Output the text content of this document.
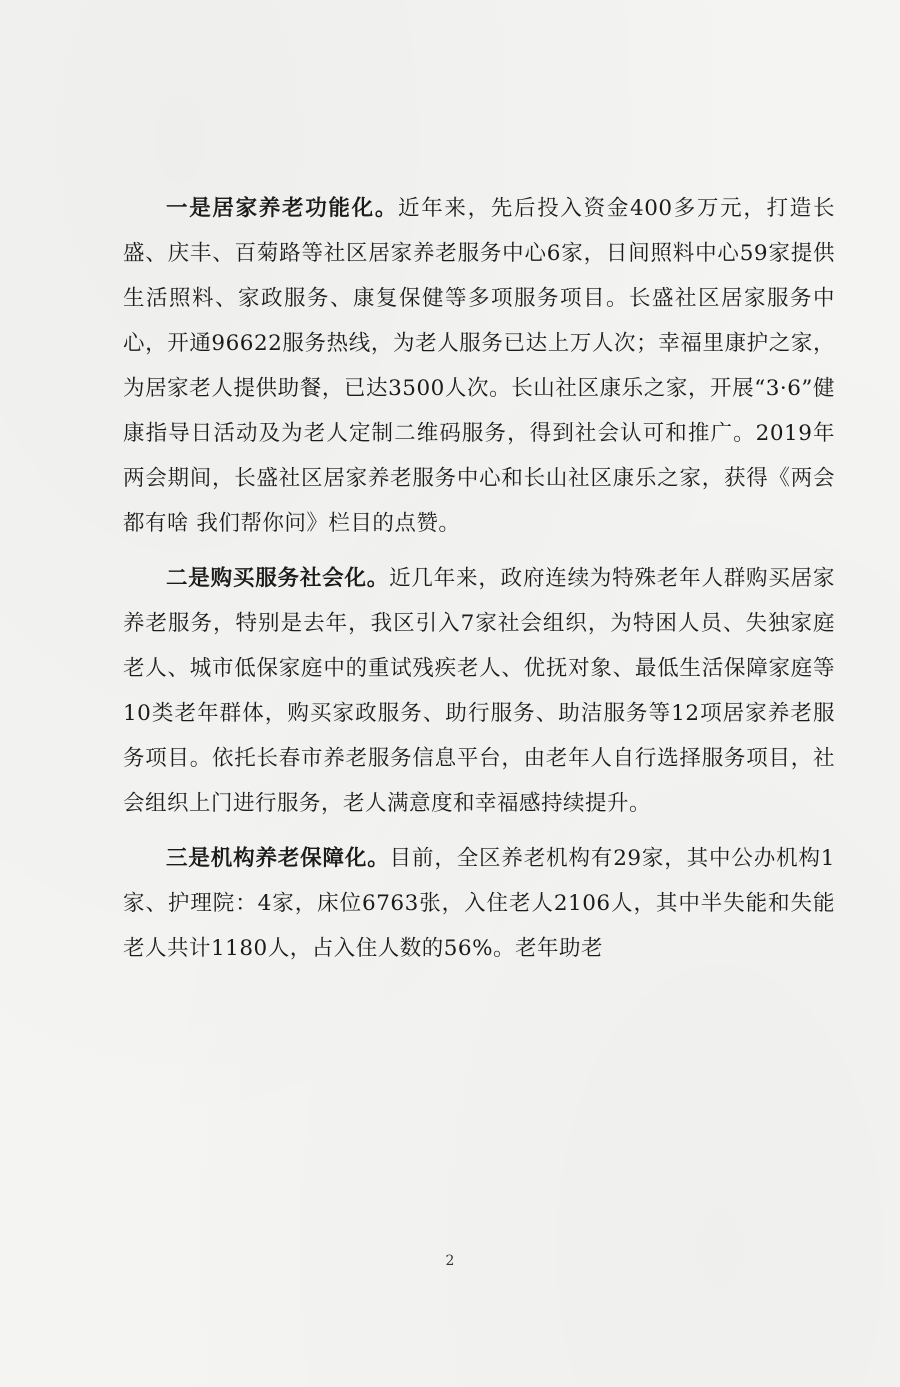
一是居家养老功能化。近年来，先后投入资金400多万元，打造长盛、庆丰、百菊路等社区居家养老服务中心6家，日间照料中心59家提供生活照料、家政服务、康复保健等多项服务项目。长盛社区居家服务中心，开通96622服务热线，为老人服务已达上万人次；幸福里康护之家，为居家老人提供助餐，已达3500人次。长山社区康乐之家，开展“3·6”健康指导日活动及为老人定制二维码服务，得到社会认可和推广。2019年两会期间，长盛社区居家养老服务中心和长山社区康乐之家，获得《两会都有啥 我们帮你问》栏目的点赞。

二是购买服务社会化。近几年来，政府连续为特殊老年人群购买居家养老服务，特别是去年，我区引入7家社会组织，为特困人员、失独家庭老人、城市低保家庭中的重试残疾老人、优抚对象、最低生活保障家庭等10类老年群体，购买家政服务、助行服务、助洁服务等12项居家养老服务项目。依托长春市养老服务信息平台，由老年人自行选择服务项目，社会组织上门进行服务，老人满意度和幸福感持续提升。

三是机构养老保障化。目前，全区养老机构有29家，其中公办机构1家、护理院：4家，床位6763张，入住老人2106人，其中半失能和失能老人共计1180人，占入住人数的56%。老年助老

2
